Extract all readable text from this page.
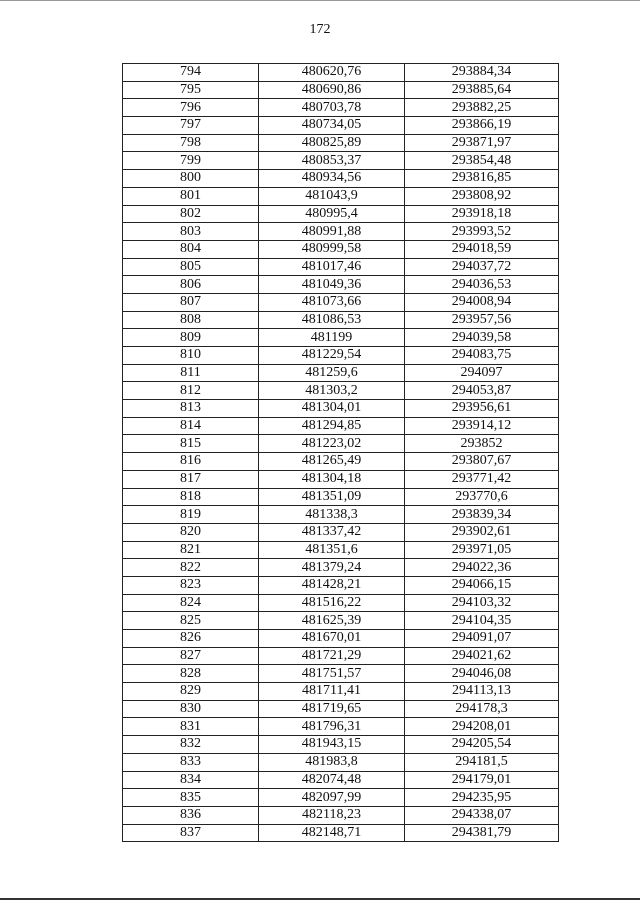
172
794	480620,76	293884,34
795	480690,86	293885,64
796	480703,78	293882,25
797	480734,05	293866,19
798	480825,89	293871,97
799	480853,37	293854,48
800	480934,56	293816,85
801	481043,9	293808,92
802	480995,4	293918,18
803	480991,88	293993,52
804	480999,58	294018,59
805	481017,46	294037,72
806	481049,36	294036,53
807	481073,66	294008,94
808	481086,53	293957,56
809	481199	294039,58
810	481229,54	294083,75
811	481259,6	294097
812	481303,2	294053,87
813	481304,01	293956,61
814	481294,85	293914,12
815	481223,02	293852
816	481265,49	293807,67
817	481304,18	293771,42
818	481351,09	293770,6
819	481338,3	293839,34
820	481337,42	293902,61
821	481351,6	293971,05
822	481379,24	294022,36
823	481428,21	294066,15
824	481516,22	294103,32
825	481625,39	294104,35
826	481670,01	294091,07
827	481721,29	294021,62
828	481751,57	294046,08
829	481711,41	294113,13
830	481719,65	294178,3
831	481796,31	294208,01
832	481943,15	294205,54
833	481983,8	294181,5
834	482074,48	294179,01
835	482097,99	294235,95
836	482118,23	294338,07
837	482148,71	294381,79
